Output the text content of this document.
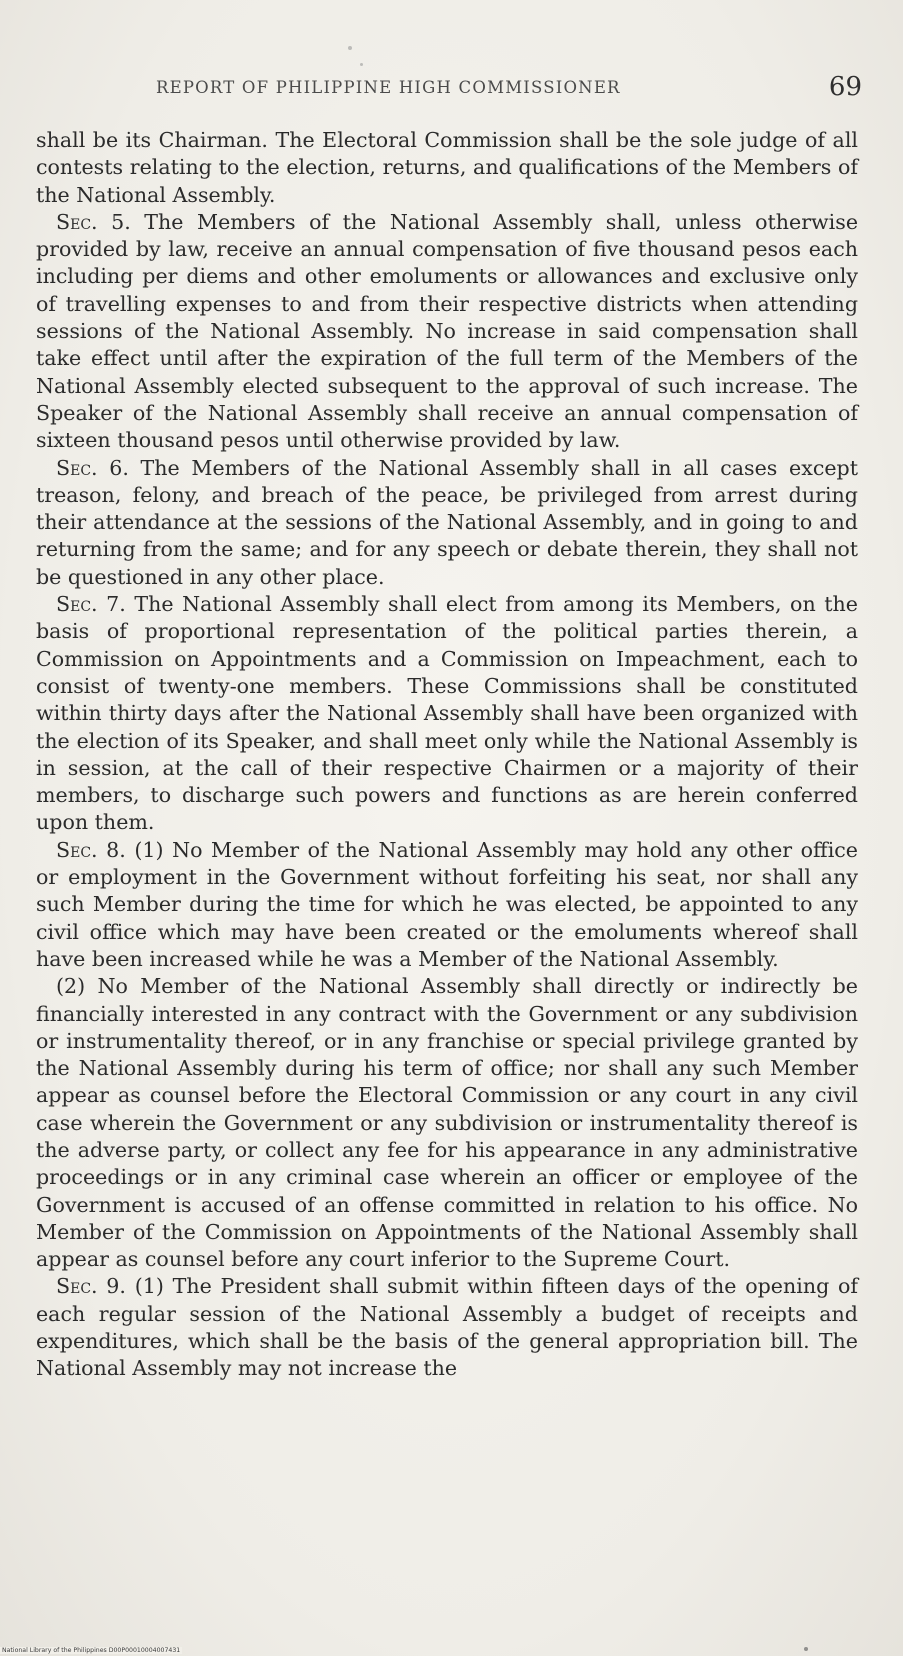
REPORT OF PHILIPPINE HIGH COMMISSIONER	69

shall be its Chairman. The Electoral Commission shall be the sole judge of all contests relating to the election, returns, and qualifications of the Members of the National Assembly.

Sec. 5. The Members of the National Assembly shall, unless otherwise provided by law, receive an annual compensation of five thousand pesos each including per diems and other emoluments or allowances and exclusive only of travelling expenses to and from their respective districts when attending sessions of the National Assembly. No increase in said compensation shall take effect until after the expiration of the full term of the Members of the National Assembly elected subsequent to the approval of such increase. The Speaker of the National Assembly shall receive an annual compensation of sixteen thousand pesos until otherwise provided by law.

Sec. 6. The Members of the National Assembly shall in all cases except treason, felony, and breach of the peace, be privileged from arrest during their attendance at the sessions of the National Assembly, and in going to and returning from the same; and for any speech or debate therein, they shall not be questioned in any other place.

Sec. 7. The National Assembly shall elect from among its Members, on the basis of proportional representation of the political parties therein, a Commission on Appointments and a Commission on Impeachment, each to consist of twenty-one members. These Commissions shall be constituted within thirty days after the National Assembly shall have been organized with the election of its Speaker, and shall meet only while the National Assembly is in session, at the call of their respective Chairmen or a majority of their members, to discharge such powers and functions as are herein conferred upon them.

Sec. 8. (1) No Member of the National Assembly may hold any other office or employment in the Government without forfeiting his seat, nor shall any such Member during the time for which he was elected, be appointed to any civil office which may have been created or the emoluments whereof shall have been increased while he was a Member of the National Assembly.

(2) No Member of the National Assembly shall directly or indirectly be financially interested in any contract with the Government or any subdivision or instrumentality thereof, or in any franchise or special privilege granted by the National Assembly during his term of office; nor shall any such Member appear as counsel before the Electoral Commission or any court in any civil case wherein the Government or any subdivision or instrumentality thereof is the adverse party, or collect any fee for his appearance in any administrative proceedings or in any criminal case wherein an officer or employee of the Government is accused of an offense committed in relation to his office. No Member of the Commission on Appointments of the National Assembly shall appear as counsel before any court inferior to the Supreme Court.

Sec. 9. (1) The President shall submit within fifteen days of the opening of each regular session of the National Assembly a budget of receipts and expenditures, which shall be the basis of the general appropriation bill. The National Assembly may not increase the

National Library of the Philippines D00P00010004007431
